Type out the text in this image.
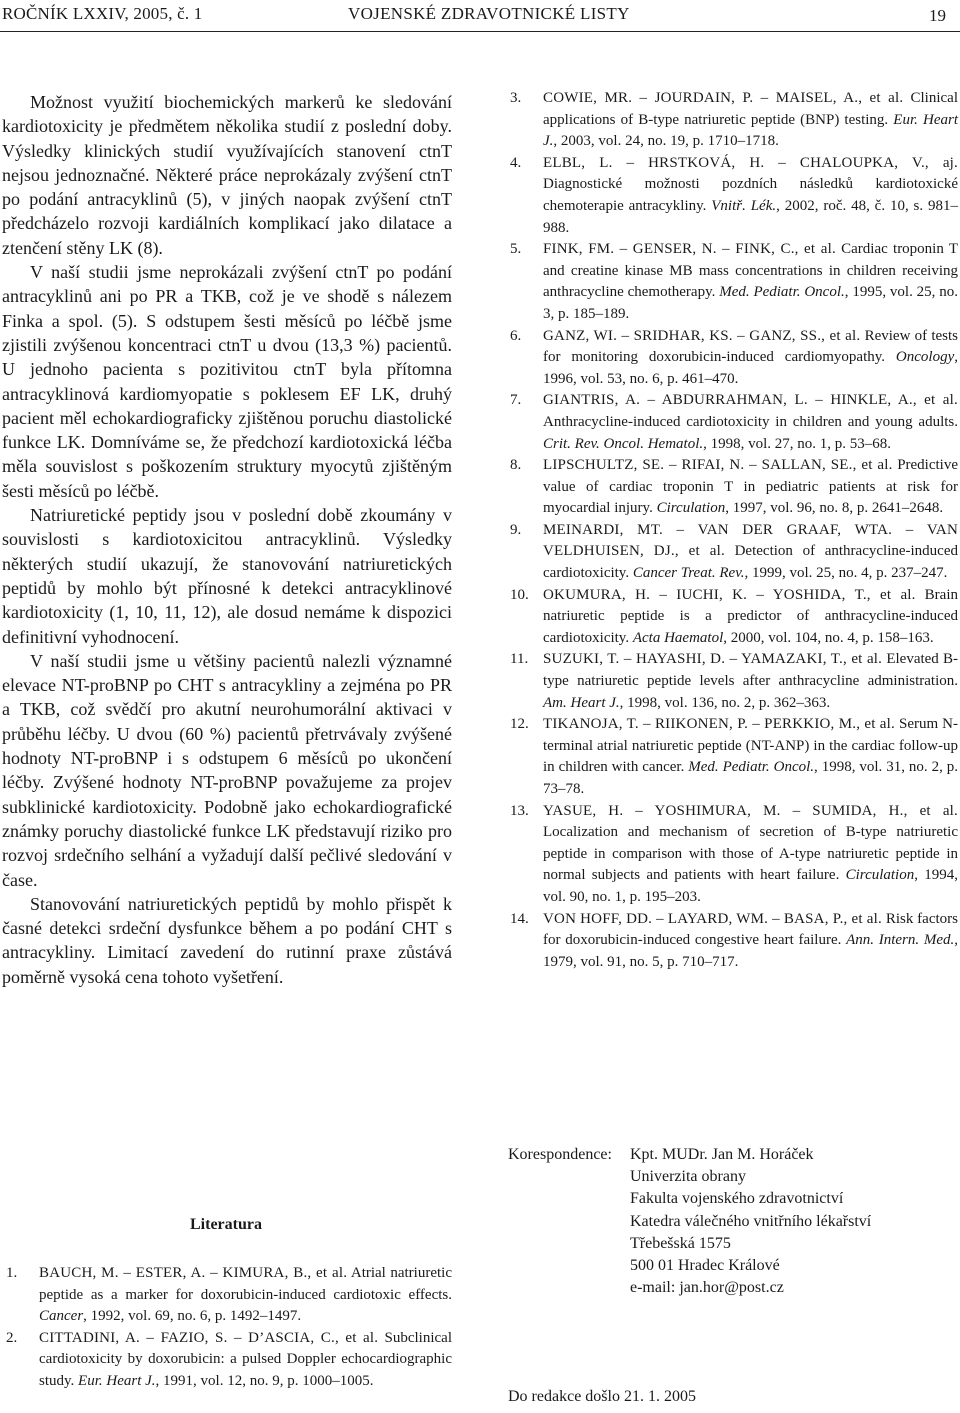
ROČNÍK LXXIV, 2005, č. 1	VOJENSKÉ ZDRAVOTNICKÉ LISTY	19

Možnost využití biochemických markerů ke sledování kardiotoxicity je předmětem několika studií z poslední doby. Výsledky klinických studií využívajících stanovení ctnT nejsou jednoznačné. Některé práce neprokázaly zvýšení ctnT po podání antracyklinů (5), v jiných naopak zvýšení ctnT předcházelo rozvoji kardiálních komplikací jako dilatace a ztenčení stěny LK (8).

V naší studii jsme neprokázali zvýšení ctnT po podání antracyklinů ani po PR a TKB, což je ve shodě s nálezem Finka a spol. (5). S odstupem šesti měsíců po léčbě jsme zjistili zvýšenou koncentraci ctnT u dvou (13,3 %) pacientů. U jednoho pacienta s pozitivitou ctnT byla přítomna antracyklinová kardiomyopatie s poklesem EF LK, druhý pacient měl echokardiograficky zjištěnou poruchu diastolické funkce LK. Domníváme se, že předchozí kardiotoxická léčba měla souvislost s poškozením struktury myocytů zjištěným šesti měsíců po léčbě.

Natriuretické peptidy jsou v poslední době zkoumány v souvislosti s kardiotoxicitou antracyklinů. Výsledky některých studií ukazují, že stanovování natriuretických peptidů by mohlo být přínosné k detekci antracyklinové kardiotoxicity (1, 10, 11, 12), ale dosud nemáme k dispozici definitivní vyhodnocení.

V naší studii jsme u většiny pacientů nalezli významné elevace NT-proBNP po CHT s antracykliny a zejména po PR a TKB, což svědčí pro akutní neurohumorální aktivaci v průběhu léčby. U dvou (60 %) pacientů přetrvávaly zvýšené hodnoty NT-proBNP i s odstupem 6 měsíců po ukončení léčby. Zvýšené hodnoty NT-proBNP považujeme za projev subklinické kardiotoxicity. Podobně jako echokardiografické známky poruchy diastolické funkce LK představují riziko pro rozvoj srdečního selhání a vyžadují další pečlivé sledování v čase.

Stanovování natriuretických peptidů by mohlo přispět k časné detekci srdeční dysfunkce během a po podání CHT s antracykliny. Limitací zavedení do rutinní praxe zůstává poměrně vysoká cena tohoto vyšetření.

Literatura
1. BAUCH, M. – ESTER, A. – KIMURA, B., et al. Atrial natriuretic peptide as a marker for doxorubicin-induced cardiotoxic effects. Cancer, 1992, vol. 69, no. 6, p. 1492–1497.
2. CITTADINI, A. – FAZIO, S. – D’ASCIA, C., et al. Subclinical cardiotoxicity by doxorubicin: a pulsed Doppler echocardiographic study. Eur. Heart J., 1991, vol. 12, no. 9, p. 1000–1005.
3. COWIE, MR. – JOURDAIN, P. – MAISEL, A., et al. Clinical applications of B-type natriuretic peptide (BNP) testing. Eur. Heart J., 2003, vol. 24, no. 19, p. 1710–1718.
4. ELBL, L. – HRSTKOVÁ, H. – CHALOUPKA, V., aj. Diagnostické možnosti pozdních následků kardiotoxické chemoterapie antracykliny. Vnitř. Lék., 2002, roč. 48, č. 10, s. 981–988.
5. FINK, FM. – GENSER, N. – FINK, C., et al. Cardiac troponin T and creatine kinase MB mass concentrations in children receiving anthracycline chemotherapy. Med. Pediatr. Oncol., 1995, vol. 25, no. 3, p. 185–189.
6. GANZ, WI. – SRIDHAR, KS. – GANZ, SS., et al. Review of tests for monitoring doxorubicin-induced cardiomyopathy. Oncology, 1996, vol. 53, no. 6, p. 461–470.
7. GIANTRIS, A. – ABDURRAHMAN, L. – HINKLE, A., et al. Anthracycline-induced cardiotoxicity in children and young adults. Crit. Rev. Oncol. Hematol., 1998, vol. 27, no. 1, p. 53–68.
8. LIPSCHULTZ, SE. – RIFAI, N. – SALLAN, SE., et al. Predictive value of cardiac troponin T in pediatric patients at risk for myocardial injury. Circulation, 1997, vol. 96, no. 8, p. 2641–2648.
9. MEINARDI, MT. – VAN DER GRAAF, WTA. – VAN VELDHUISEN, DJ., et al. Detection of anthracycline-induced cardiotoxicity. Cancer Treat. Rev., 1999, vol. 25, no. 4, p. 237–247.
10. OKUMURA, H. – IUCHI, K. – YOSHIDA, T., et al. Brain natriuretic peptide is a predictor of anthracycline-induced cardiotoxicity. Acta Haematol, 2000, vol. 104, no. 4, p. 158–163.
11. SUZUKI, T. – HAYASHI, D. – YAMAZAKI, T., et al. Elevated B-type natriuretic peptide levels after anthracycline administration. Am. Heart J., 1998, vol. 136, no. 2, p. 362–363.
12. TIKANOJA, T. – RIIKONEN, P. – PERKKIO, M., et al. Serum N-terminal atrial natriuretic peptide (NT-ANP) in the cardiac follow-up in children with cancer. Med. Pediatr. Oncol., 1998, vol. 31, no. 2, p. 73–78.
13. YASUE, H. – YOSHIMURA, M. – SUMIDA, H., et al. Localization and mechanism of secretion of B-type natriuretic peptide in comparison with those of A-type natriuretic peptide in normal subjects and patients with heart failure. Circulation, 1994, vol. 90, no. 1, p. 195–203.
14. VON HOFF, DD. – LAYARD, WM. – BASA, P., et al. Risk factors for doxorubicin-induced congestive heart failure. Ann. Intern. Med., 1979, vol. 91, no. 5, p. 710–717.
Korespondence:	Kpt. MUDr. Jan M. Horáček
Univerzita obrany
Fakulta vojenského zdravotnictví
Katedra válečného vnitřního lékařství
Třebešská 1575
500 01 Hradec Králové
e-mail: jan.hor@post.cz
Do redakce došlo 21. 1. 2005
